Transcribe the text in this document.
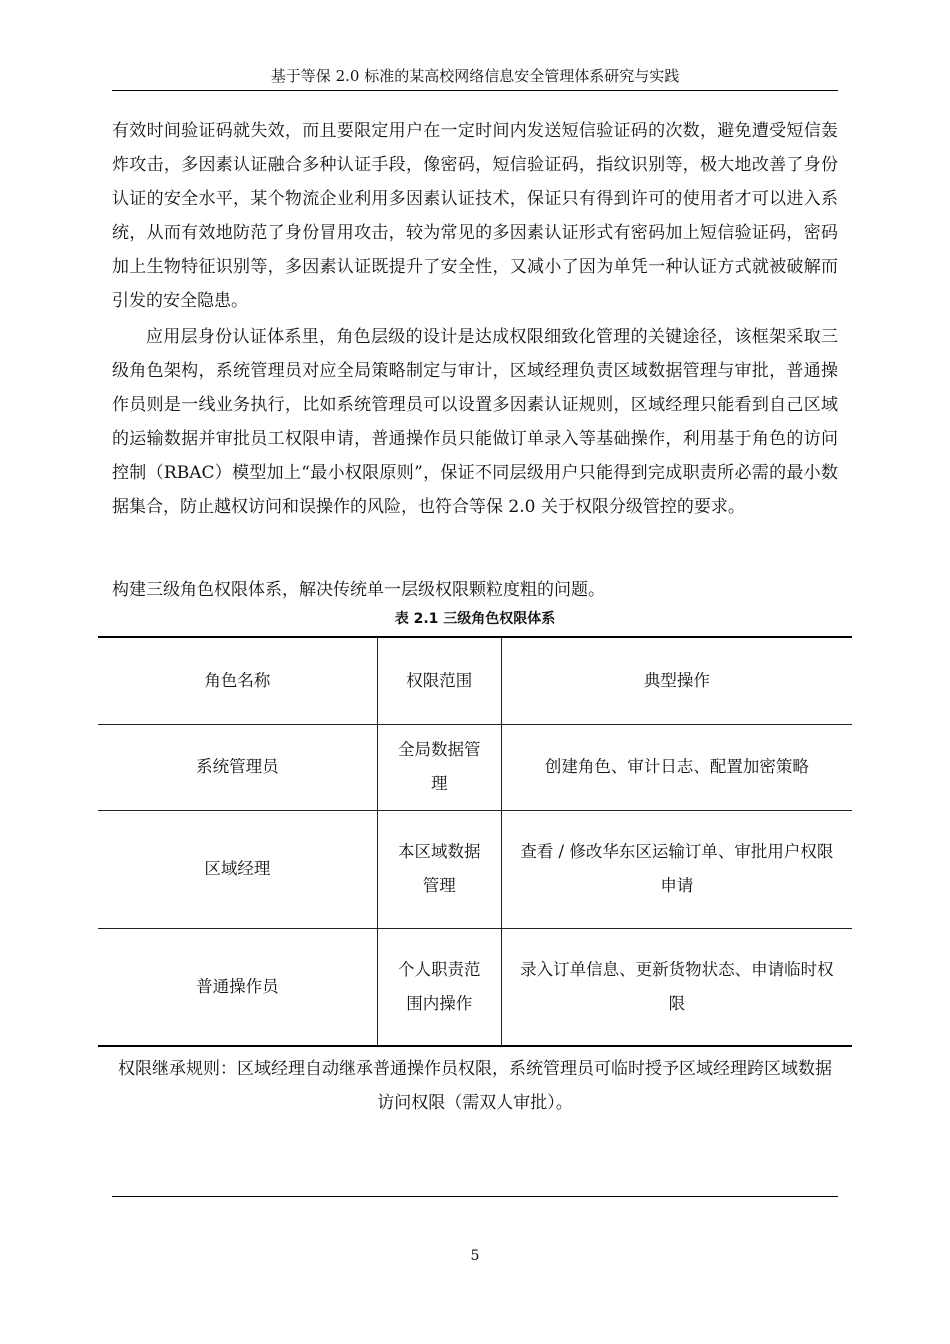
基于等保 2.0 标准的某高校网络信息安全管理体系研究与实践

有效时间验证码就失效，而且要限定用户在一定时间内发送短信验证码的次数，避免遭受短信轰炸攻击，多因素认证融合多种认证手段，像密码，短信验证码，指纹识别等，极大地改善了身份认证的安全水平，某个物流企业利用多因素认证技术，保证只有得到许可的使用者才可以进入系统，从而有效地防范了身份冒用攻击，较为常见的多因素认证形式有密码加上短信验证码，密码加上生物特征识别等，多因素认证既提升了安全性，又减小了因为单凭一种认证方式就被破解而引发的安全隐患。

应用层身份认证体系里，角色层级的设计是达成权限细致化管理的关键途径，该框架采取三级角色架构，系统管理员对应全局策略制定与审计，区域经理负责区域数据管理与审批，普通操作员则是一线业务执行，比如系统管理员可以设置多因素认证规则，区域经理只能看到自己区域的运输数据并审批员工权限申请，普通操作员只能做订单录入等基础操作，利用基于角色的访问控制（RBAC）模型加上“最小权限原则”，保证不同层级用户只能得到完成职责所必需的最小数据集合，防止越权访问和误操作的风险，也符合等保 2.0 关于权限分级管控的要求。

构建三级角色权限体系，解决传统单一层级权限颗粒度粗的问题。

表 2.1 三级角色权限体系
角色名称	权限范围	典型操作
系统管理员	全局数据管理	创建角色、审计日志、配置加密策略
区域经理	本区域数据管理	查看 / 修改华东区运输订单、审批用户权限申请
普通操作员	个人职责范围内操作	录入订单信息、更新货物状态、申请临时权限

权限继承规则：区域经理自动继承普通操作员权限，系统管理员可临时授予区域经理跨区域数据访问权限（需双人审批）。

5
